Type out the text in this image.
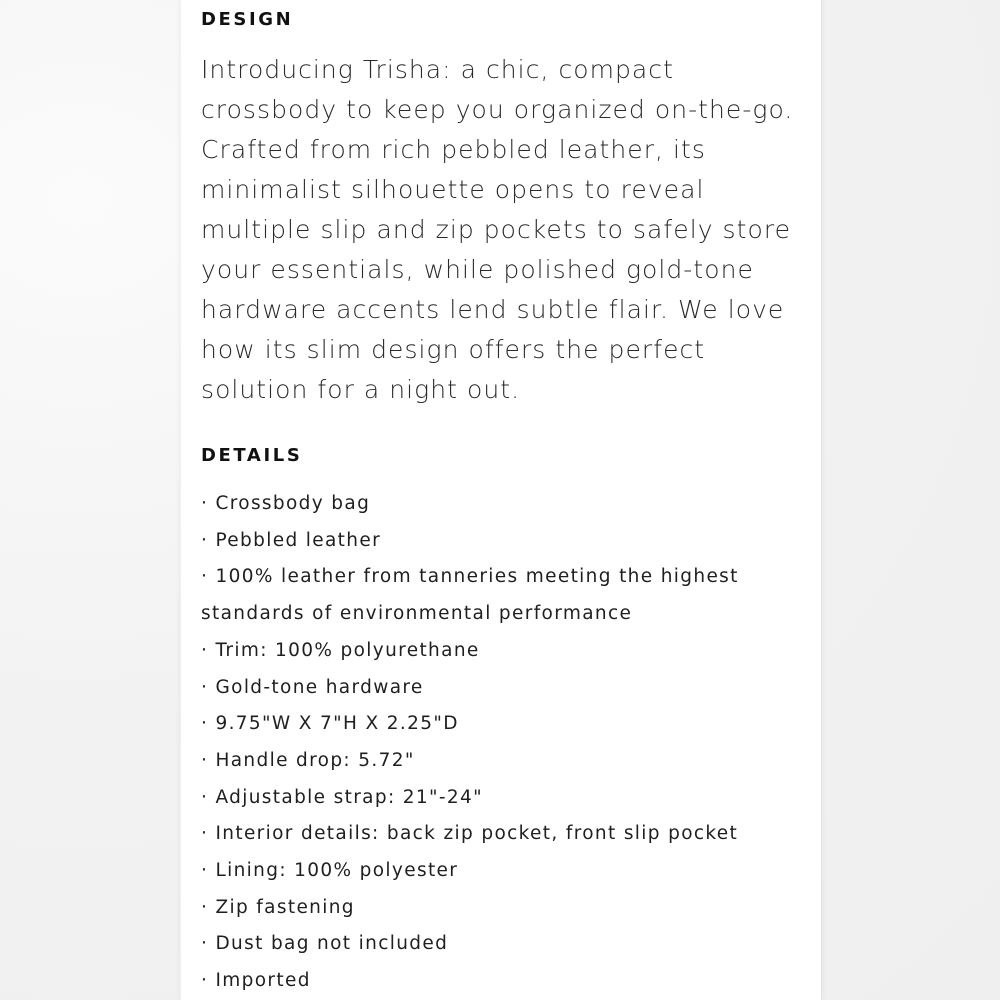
DESIGN

Introducing Trisha: a chic, compact crossbody to keep you organized on-the-go. Crafted from rich pebbled leather, its minimalist silhouette opens to reveal multiple slip and zip pockets to safely store your essentials, while polished gold-tone hardware accents lend subtle flair. We love how its slim design offers the perfect solution for a night out.

DETAILS
· Crossbody bag
· Pebbled leather
· 100% leather from tanneries meeting the highest standards of environmental performance
· Trim: 100% polyurethane
· Gold-tone hardware
· 9.75"W X 7"H X 2.25"D
· Handle drop: 5.72"
· Adjustable strap: 21"-24"
· Interior details: back zip pocket, front slip pocket
· Lining: 100% polyester
· Zip fastening
· Dust bag not included
· Imported
